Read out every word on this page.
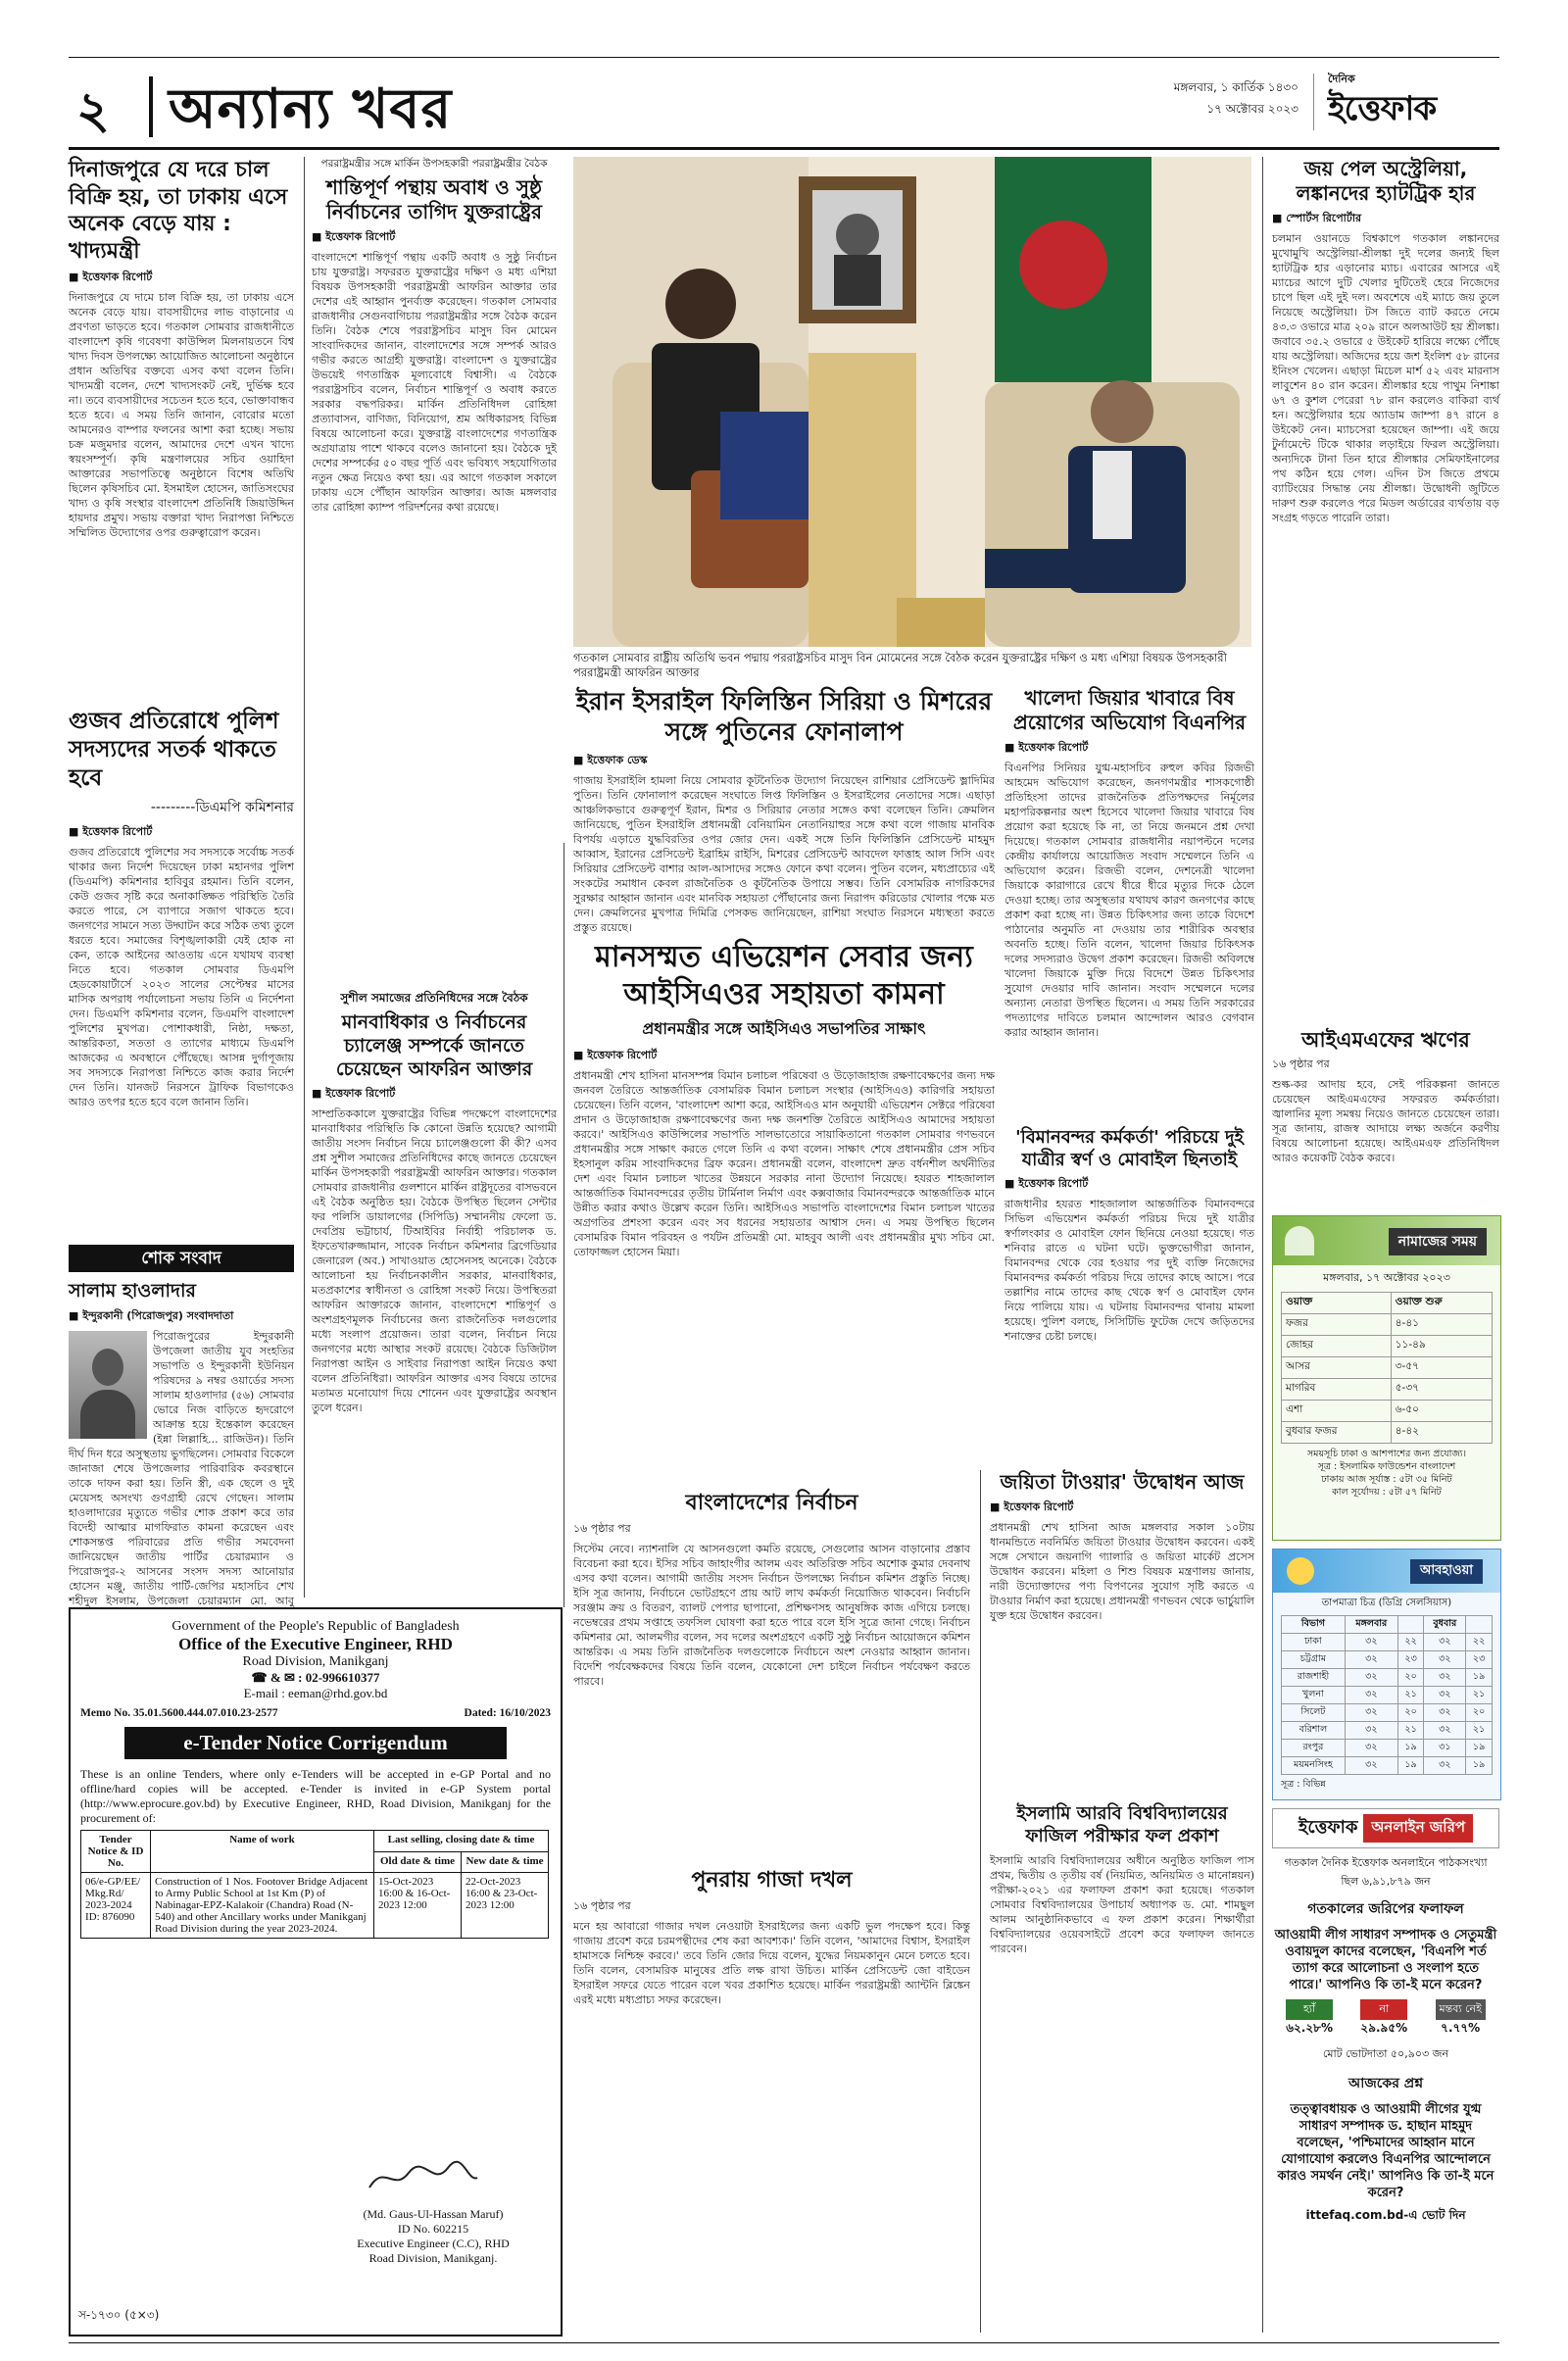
২ অন্যান্য খবর	মঙ্গলবার, ১ কার্তিক ১৪৩০
১৭ অক্টোবর ২০২৩
দৈনিক
ইত্তেফাক
দিনাজপুরে যে দরে চাল বিক্রি হয়, তা ঢাকায় এসে অনেক বেড়ে যায় : খাদ্যমন্ত্রী
■ ইত্তেফাক রিপোর্ট

দিনাজপুরে যে দামে চাল বিক্রি হয়, তা ঢাকায় এসে অনেক বেড়ে যায়। বাবসায়ীদের লাভ বাড়ানোর এ প্রবণতা ভাড়তে হবে। গতকাল সোমবার রাজধানীতে বাংলাদেশ কৃষি গবেষণা কাউন্সিল মিলনায়তনে বিশ্ব খাদ্য দিবস উপলক্ষ্যে আয়োজিত আলোচনা অনুষ্ঠানে প্রধান অতিথির বক্তব্যে এসব কথা বলেন তিনি। খাদ্যমন্ত্রী বলেন, দেশে খাদ্যসংকট নেই, দুর্ভিক্ষ হবে না। তবে ব্যবসায়ীদের সচেতন হতে হবে, ভোক্তাবান্ধব হতে হবে। এ সময় তিনি জানান, বোরোর মতো আমনেরও বাম্পার ফলনের আশা করা হচ্ছে। সভায় চক্র মজুমদার বলেন, আমাদের দেশে এখন খাদ্যে স্বয়ংসম্পূর্ণ। কৃষি মন্ত্রণালয়ের সচিব ওয়াহিদা আক্তারের সভাপতিত্বে অনুষ্ঠানে বিশেষ অতিথি ছিলেন কৃষিসচিব মো. ইসমাইল হোসেন, জাতিসংঘের খাদ্য ও কৃষি সংস্থার বাংলাদেশ প্রতিনিধি জিয়াউদ্দিন হায়দার প্রমুখ। সভায় বক্তারা খাদ্য নিরাপত্তা নিশ্চিতে সম্মিলিত উদ্যোগের ওপর গুরুত্বারোপ করেন।

গুজব প্রতিরোধে পুলিশ সদস্যদের সতর্ক থাকতে হবে
---------ডিএমপি কমিশনার
■ ইত্তেফাক রিপোর্ট

গুজব প্রতিরোধে পুলিশের সব সদস্যকে সর্বোচ্চ সতর্ক থাকার জন্য নির্দেশ দিয়েছেন ঢাকা মহানগর পুলিশ (ডিএমপি) কমিশনার হাবিবুর রহমান। তিনি বলেন, কেউ গুজব সৃষ্টি করে অনাকাঙ্ক্ষিত পরিস্থিতি তৈরি করতে পারে, সে ব্যাপারে সজাগ থাকতে হবে। জনগণের সামনে সত্য উদ্ঘাটন করে সঠিক তথ্য তুলে ধরতে হবে। সমাজের বিশৃঙ্খলাকারী যেই হোক না কেন, তাকে আইনের আওতায় এনে যথাযথ ব্যবস্থা নিতে হবে। গতকাল সোমবার ডিএমপি হেডকোয়ার্টার্সে ২০২৩ সালের সেপ্টেম্বর মাসের মাসিক অপরাধ পর্যালোচনা সভায় তিনি এ নির্দেশনা দেন। ডিএমপি কমিশনার বলেন, ডিএমপি বাংলাদেশ পুলিশের মুখপত্র। পোশাকধারী, নিষ্ঠা, দক্ষতা, আন্তরিকতা, সততা ও ত্যাগের মাধ্যমে ডিএমপি আজকের এ অবস্থানে পৌঁছেছে। আসন্ন দুর্গাপূজায় সব সদস্যকে নিরাপত্তা নিশ্চিতে কাজ করার নির্দেশ দেন তিনি। যানজট নিরসনে ট্রাফিক বিভাগকেও আরও তৎপর হতে হবে বলে জানান তিনি।

শোক সংবাদ
সালাম হাওলাদার
■ ইন্দুরকানী (পিরোজপুর) সংবাদদাতা

পিরোজপুরের ইন্দুরকানী উপজেলা জাতীয় যুব সংহতির সভাপতি ও ইন্দুরকানী ইউনিয়ন পরিষদের ৯ নম্বর ওয়ার্ডের সদস্য সালাম হাওলাদার (৫৬) সোমবার ভোরে নিজ বাড়িতে হৃদরোগে আক্রান্ত হয়ে ইন্তেকাল করেছেন (ইন্না লিল্লাহি... রাজিউন)। তিনি দীর্ঘ দিন ধরে অসুস্থতায় ভুগছিলেন। সোমবার বিকেলে জানাজা শেষে উপজেলার পারিবারিক কবরস্থানে তাকে দাফন করা হয়। তিনি স্ত্রী, এক ছেলে ও দুই মেয়েসহ অসংখ্য গুণগ্রাহী রেখে গেছেন। সালাম হাওলাদারের মৃত্যুতে গভীর শোক প্রকাশ করে তার বিদেহী আত্মার মাগফিরাত কামনা করেছেন এবং শোকসন্তপ্ত পরিবারের প্রতি গভীর সমবেদনা জানিয়েছেন জাতীয় পার্টির চেয়ারম্যান ও পিরোজপুর-২ আসনের সংসদ সদস্য আনোয়ার হোসেন মঞ্জু, জাতীয় পার্টি-জেপির মহাসচিব শেখ শহীদুল ইসলাম, উপজেলা চেয়ারম্যান মো. আবু

পররাষ্ট্রমন্ত্রীর সঙ্গে মার্কিন উপসহকারী পররাষ্ট্রমন্ত্রীর বৈঠক
শান্তিপূর্ণ পন্থায় অবাধ ও সুষ্ঠু নির্বাচনের তাগিদ যুক্তরাষ্ট্রের
■ ইত্তেফাক রিপোর্ট

বাংলাদেশে শান্তিপূর্ণ পন্থায় একটি অবাধ ও সুষ্ঠু নির্বাচন চায় যুক্তরাষ্ট্র। সফররত যুক্তরাষ্ট্রের দক্ষিণ ও মধ্য এশিয়া বিষয়ক উপসহকারী পররাষ্ট্রমন্ত্রী আফরিন আক্তার তার দেশের এই আহ্বান পুনর্ব্যক্ত করেছেন। গতকাল সোমবার রাজধানীর সেগুনবাগিচায় পররাষ্ট্রমন্ত্রীর সঙ্গে বৈঠক করেন তিনি। বৈঠক শেষে পররাষ্ট্রসচিব মাসুদ বিন মোমেন সাংবাদিকদের জানান, বাংলাদেশের সঙ্গে সম্পর্ক আরও গভীর করতে আগ্রহী যুক্তরাষ্ট্র। বাংলাদেশ ও যুক্তরাষ্ট্রের উভয়েই গণতান্ত্রিক মূল্যবোধে বিশ্বাসী। এ বৈঠকে পররাষ্ট্রসচিব বলেন, নির্বাচন শান্তিপূর্ণ ও অবাধ করতে সরকার বদ্ধপরিকর। মার্কিন প্রতিনিধিদল রোহিঙ্গা প্রত্যাবাসন, বাণিজ্য, বিনিয়োগ, শ্রম অধিকারসহ বিভিন্ন বিষয়ে আলোচনা করে। যুক্তরাষ্ট্র বাংলাদেশের গণতান্ত্রিক অগ্রযাত্রায় পাশে থাকবে বলেও জানানো হয়। বৈঠকে দুই দেশের সম্পর্কের ৫০ বছর পূর্তি এবং ভবিষ্যৎ সহযোগিতার নতুন ক্ষেত্র নিয়েও কথা হয়। এর আগে গতকাল সকালে ঢাকায় এসে পৌঁছান আফরিন আক্তার। আজ মঙ্গলবার তার রোহিঙ্গা ক্যাম্প পরিদর্শনের কথা রয়েছে।

সুশীল সমাজের প্রতিনিধিদের সঙ্গে বৈঠক
মানবাধিকার ও নির্বাচনের চ্যালেঞ্জ সম্পর্কে জানতে চেয়েছেন আফরিন আক্তার
■ ইত্তেফাক রিপোর্ট

সাম্প্রতিককালে যুক্তরাষ্ট্রের বিভিন্ন পদক্ষেপে বাংলাদেশের মানবাধিকার পরিস্থিতি কি কোনো উন্নতি হয়েছে? আগামী জাতীয় সংসদ নির্বাচন নিয়ে চ্যালেঞ্জগুলো কী কী? এসব প্রশ্ন সুশীল সমাজের প্রতিনিধিদের কাছে জানতে চেয়েছেন মার্কিন উপসহকারী পররাষ্ট্রমন্ত্রী আফরিন আক্তার। গতকাল সোমবার রাজধানীর গুলশানে মার্কিন রাষ্ট্রদূতের বাসভবনে এই বৈঠক অনুষ্ঠিত হয়। বৈঠকে উপস্থিত ছিলেন সেন্টার ফর পলিসি ডায়ালগের (সিপিডি) সম্মাননীয় ফেলো ড. দেবপ্রিয় ভট্টাচার্য, টিআইবির নির্বাহী পরিচালক ড. ইফতেখারুজ্জামান, সাবেক নির্বাচন কমিশনার ব্রিগেডিয়ার জেনারেল (অব.) সাখাওয়াত হোসেনসহ অনেকে। বৈঠকে আলোচনা হয় নির্বাচনকালীন সরকার, মানবাধিকার, মতপ্রকাশের স্বাধীনতা ও রোহিঙ্গা সংকট নিয়ে। উপস্থিতরা আফরিন আক্তারকে জানান, বাংলাদেশে শান্তিপূর্ণ ও অংশগ্রহণমূলক নির্বাচনের জন্য রাজনৈতিক দলগুলোর মধ্যে সংলাপ প্রয়োজন। তারা বলেন, নির্বাচন নিয়ে জনগণের মধ্যে আস্থার সংকট রয়েছে। বৈঠকে ডিজিটাল নিরাপত্তা আইন ও সাইবার নিরাপত্তা আইন নিয়েও কথা বলেন প্রতিনিধিরা। আফরিন আক্তার এসব বিষয়ে তাদের মতামত মনোযোগ দিয়ে শোনেন এবং যুক্তরাষ্ট্রের অবস্থান তুলে ধরেন।

গতকাল সোমবার রাষ্ট্রীয় অতিথি ভবন পদ্মায় পররাষ্ট্রসচিব মাসুদ বিন মোমেনের সঙ্গে বৈঠক করেন যুক্তরাষ্ট্রের দক্ষিণ ও মধ্য এশিয়া বিষয়ক উপসহকারী পররাষ্ট্রমন্ত্রী আফরিন আক্তার
ইরান ইসরাইল ফিলিস্তিন সিরিয়া ও মিশরের সঙ্গে পুতিনের ফোনালাপ
■ ইত্তেফাক ডেস্ক

গাজায় ইসরাইলি হামলা নিয়ে সোমবার কূটনৈতিক উদ্যোগ নিয়েছেন রাশিয়ার প্রেসিডেন্ট ভ্লাদিমির পুতিন। তিনি ফোনালাপ করেছেন সংঘাতে লিপ্ত ফিলিস্তিন ও ইসরাইলের নেতাদের সঙ্গে। এছাড়া আঞ্চলিকভাবে গুরুত্বপূর্ণ ইরান, মিশর ও সিরিয়ার নেতার সঙ্গেও কথা বলেছেন তিনি। ক্রেমলিন জানিয়েছে, পুতিন ইসরাইলি প্রধানমন্ত্রী বেনিয়ামিন নেতানিয়াহুর সঙ্গে কথা বলে গাজায় মানবিক বিপর্যয় এড়াতে যুদ্ধবিরতির ওপর জোর দেন। একই সঙ্গে তিনি ফিলিস্তিনি প্রেসিডেন্ট মাহমুদ আব্বাস, ইরানের প্রেসিডেন্ট ইব্রাহিম রাইসি, মিশরের প্রেসিডেন্ট আবদেল ফাত্তাহ আল সিসি এবং সিরিয়ার প্রেসিডেন্ট বাশার আল-আসাদের সঙ্গেও ফোনে কথা বলেন। পুতিন বলেন, মধ্যপ্রাচ্যের এই সংকটের সমাধান কেবল রাজনৈতিক ও কূটনৈতিক উপায়ে সম্ভব। তিনি বেসামরিক নাগরিকদের সুরক্ষার আহ্বান জানান এবং মানবিক সহায়তা পৌঁছানোর জন্য নিরাপদ করিডোর খোলার পক্ষে মত দেন। ক্রেমলিনের মুখপাত্র দিমিত্রি পেসকভ জানিয়েছেন, রাশিয়া সংঘাত নিরসনে মধ্যস্থতা করতে প্রস্তুত রয়েছে।

খালেদা জিয়ার খাবারে বিষ প্রয়োগের অভিযোগ বিএনপির
■ ইত্তেফাক রিপোর্ট

বিএনপির সিনিয়র যুগ্ম-মহাসচিব রুহুল কবির রিজভী আহমেদ অভিযোগ করেছেন, জনগণমন্ত্রীর শাসকগোষ্ঠী প্রতিহিংসা তাদের রাজনৈতিক প্রতিপক্ষদের নির্মূলের মহাপরিকল্পনার অংশ হিসেবে খালেদা জিয়ার খাবারে বিষ প্রয়োগ করা হয়েছে কি না, তা নিয়ে জনমনে প্রশ্ন দেখা দিয়েছে। গতকাল সোমবার রাজধানীর নয়াপল্টনে দলের কেন্দ্রীয় কার্যালয়ে আয়োজিত সংবাদ সম্মেলনে তিনি এ অভিযোগ করেন। রিজভী বলেন, দেশনেত্রী খালেদা জিয়াকে কারাগারে রেখে ধীরে ধীরে মৃত্যুর দিকে ঠেলে দেওয়া হচ্ছে। তার অসুস্থতার যথাযথ কারণ জনগণের কাছে প্রকাশ করা হচ্ছে না। উন্নত চিকিৎসার জন্য তাকে বিদেশে পাঠানোর অনুমতি না দেওয়ায় তার শারীরিক অবস্থার অবনতি হচ্ছে। তিনি বলেন, খালেদা জিয়ার চিকিৎসক দলের সদস্যরাও উদ্বেগ প্রকাশ করেছেন। রিজভী অবিলম্বে খালেদা জিয়াকে মুক্তি দিয়ে বিদেশে উন্নত চিকিৎসার সুযোগ দেওয়ার দাবি জানান। সংবাদ সম্মেলনে দলের অন্যান্য নেতারা উপস্থিত ছিলেন। এ সময় তিনি সরকারের পদত্যাগের দাবিতে চলমান আন্দোলন আরও বেগবান করার আহ্বান জানান।

মানসম্মত এভিয়েশন সেবার জন্য
আইসিএওর সহায়তা কামনা
প্রধানমন্ত্রীর সঙ্গে আইসিএও সভাপতির সাক্ষাৎ
■ ইত্তেফাক রিপোর্ট

প্রধানমন্ত্রী শেখ হাসিনা মানসম্পন্ন বিমান চলাচল পরিষেবা ও উড়োজাহাজ রক্ষণাবেক্ষণের জন্য দক্ষ জনবল তৈরিতে আন্তর্জাতিক বেসামরিক বিমান চলাচল সংস্থার (আইসিএও) কারিগরি সহায়তা চেয়েছেন। তিনি বলেন, 'বাংলাদেশ আশা করে, আইসিএও মান অনুযায়ী এভিয়েশন সেক্টরে পরিষেবা প্রদান ও উড়োজাহাজ রক্ষণাবেক্ষণের জন্য দক্ষ জনশক্তি তৈরিতে আইসিএও আমাদের সহায়তা করবে।' আইসিএও কাউন্সিলের সভাপতি সালভাতোরে সায়াকিতানো গতকাল সোমবার গণভবনে প্রধানমন্ত্রীর সঙ্গে সাক্ষাৎ করতে গেলে তিনি এ কথা বলেন। সাক্ষাৎ শেষে প্রধানমন্ত্রীর প্রেস সচিব ইহসানুল করিম সাংবাদিকদের ব্রিফ করেন। প্রধানমন্ত্রী বলেন, বাংলাদেশ দ্রুত বর্ধনশীল অর্থনীতির দেশ এবং বিমান চলাচল খাতের উন্নয়নে সরকার নানা উদ্যোগ নিয়েছে। হযরত শাহজালাল আন্তর্জাতিক বিমানবন্দরের তৃতীয় টার্মিনাল নির্মাণ এবং কক্সবাজার বিমানবন্দরকে আন্তর্জাতিক মানে উন্নীত করার কথাও উল্লেখ করেন তিনি। আইসিএও সভাপতি বাংলাদেশের বিমান চলাচল খাতের অগ্রগতির প্রশংসা করেন এবং সব ধরনের সহায়তার আশ্বাস দেন। এ সময় উপস্থিত ছিলেন বেসামরিক বিমান পরিবহন ও পর্যটন প্রতিমন্ত্রী মো. মাহবুব আলী এবং প্রধানমন্ত্রীর মুখ্য সচিব মো. তোফাজ্জল হোসেন মিয়া।

'বিমানবন্দর কর্মকর্তা' পরিচয়ে দুই যাত্রীর স্বর্ণ ও মোবাইল ছিনতাই
■ ইত্তেফাক রিপোর্ট

রাজধানীর হযরত শাহজালাল আন্তর্জাতিক বিমানবন্দরে সিভিল এভিয়েশন কর্মকর্তা পরিচয় দিয়ে দুই যাত্রীর স্বর্ণালংকার ও মোবাইল ফোন ছিনিয়ে নেওয়া হয়েছে। গত শনিবার রাতে এ ঘটনা ঘটে। ভুক্তভোগীরা জানান, বিমানবন্দর থেকে বের হওয়ার পর দুই ব্যক্তি নিজেদের বিমানবন্দর কর্মকর্তা পরিচয় দিয়ে তাদের কাছে আসে। পরে তল্লাশির নামে তাদের কাছ থেকে স্বর্ণ ও মোবাইল ফোন নিয়ে পালিয়ে যায়। এ ঘটনায় বিমানবন্দর থানায় মামলা হয়েছে। পুলিশ বলছে, সিসিটিভি ফুটেজ দেখে জড়িতদের শনাক্তের চেষ্টা চলছে।

বাংলাদেশের নির্বাচন
১৬ পৃষ্ঠার পর

সিস্টেম নেবে। ন্যাশনালি যে আসনগুলো কমতি রয়েছে, সেগুলোর আসন বাড়ানোর প্রস্তাব বিবেচনা করা হবে। ইসির সচিব জাহাংগীর আলম এবং অতিরিক্ত সচিব অশোক কুমার দেবনাথ এসব কথা বলেন। আগামী জাতীয় সংসদ নির্বাচন উপলক্ষ্যে নির্বাচন কমিশন প্রস্তুতি নিচ্ছে। ইসি সূত্র জানায়, নির্বাচনে ভোটগ্রহণে প্রায় আট লাখ কর্মকর্তা নিয়োজিত থাকবেন। নির্বাচনি সরঞ্জাম ক্রয় ও বিতরণ, ব্যালট পেপার ছাপানো, প্রশিক্ষণসহ আনুষঙ্গিক কাজ এগিয়ে চলছে। নভেম্বরের প্রথম সপ্তাহে তফসিল ঘোষণা করা হতে পারে বলে ইসি সূত্রে জানা গেছে। নির্বাচন কমিশনার মো. আলমগীর বলেন, সব দলের অংশগ্রহণে একটি সুষ্ঠু নির্বাচন আয়োজনে কমিশন আন্তরিক। এ সময় তিনি রাজনৈতিক দলগুলোকে নির্বাচনে অংশ নেওয়ার আহ্বান জানান। বিদেশি পর্যবেক্ষকদের বিষয়ে তিনি বলেন, যেকোনো দেশ চাইলে নির্বাচন পর্যবেক্ষণ করতে পারবে।

পুনরায় গাজা দখল
১৬ পৃষ্ঠার পর

মনে হয় আবারো গাজার দখল নেওয়াটা ইসরাইলের জন্য একটি ভুল পদক্ষেপ হবে। কিন্তু গাজায় প্রবেশ করে চরমপন্থীদের শেষ করা আবশ্যক।' তিনি বলেন, 'আমাদের বিশ্বাস, ইসরাইল হামাসকে নিশ্চিহ্ন করবে।' তবে তিনি জোর দিয়ে বলেন, যুদ্ধের নিয়মকানুন মেনে চলতে হবে। তিনি বলেন, বেসামরিক মানুষের প্রতি লক্ষ রাখা উচিত। মার্কিন প্রেসিডেন্ট জো বাইডেন ইসরাইল সফরে যেতে পারেন বলে খবর প্রকাশিত হয়েছে। মার্কিন পররাষ্ট্রমন্ত্রী অ্যান্টনি ব্লিঙ্কেন এরই মধ্যে মধ্যপ্রাচ্য সফর করেছেন।

জয়িতা টাওয়ার' উদ্বোধন আজ
■ ইত্তেফাক রিপোর্ট

প্রধানমন্ত্রী শেখ হাসিনা আজ মঙ্গলবার সকাল ১০টায় ধানমন্ডিতে নবনির্মিত জয়িতা টাওয়ার উদ্বোধন করবেন। একই সঙ্গে সেখানে জয়নাগি গ্যালারি ও জয়িতা মার্কেট প্রসেস উদ্বোধন করবেন। মহিলা ও শিশু বিষয়ক মন্ত্রণালয় জানায়, নারী উদ্যোক্তাদের পণ্য বিপণনের সুযোগ সৃষ্টি করতে এ টাওয়ার নির্মাণ করা হয়েছে। প্রধানমন্ত্রী গণভবন থেকে ভার্চুয়ালি যুক্ত হয়ে উদ্বোধন করবেন।

ইসলামি আরবি বিশ্ববিদ্যালয়ের ফাজিল পরীক্ষার ফল প্রকাশ

ইসলামি আরবি বিশ্ববিদ্যালয়ের অধীনে অনুষ্ঠিত ফাজিল পাস প্রথম, দ্বিতীয় ও তৃতীয় বর্ষ (নিয়মিত, অনিয়মিত ও মানোন্নয়ন) পরীক্ষা-২০২১ এর ফলাফল প্রকাশ করা হয়েছে। গতকাল সোমবার বিশ্ববিদ্যালয়ের উপাচার্য অধ্যাপক ড. মো. শামছুল আলম আনুষ্ঠানিকভাবে এ ফল প্রকাশ করেন। শিক্ষার্থীরা বিশ্ববিদ্যালয়ের ওয়েবসাইটে প্রবেশ করে ফলাফল জানতে পারবেন।

Government of the People's Republic of Bangladesh
Office of the Executive Engineer, RHD
Road Division, Manikganj
☎ & ✉ : 02-996610377
E-mail : eeman@rhd.gov.bd
Memo No. 35.01.5600.444.07.010.23-2577	Dated: 16/10/2023
e-Tender Notice Corrigendum

These is an online Tenders, where only e-Tenders will be accepted in e-GP Portal and no offline/hard copies will be accepted. e-Tender is invited in e-GP System portal (http://www.eprocure.gov.bd) by Executive Engineer, RHD, Road Division, Manikganj for the procurement of:

Tender Notice & ID No.	Name of work	Last selling, closing date & time	
		Old date & time	New date & time
06/e-GP/EE/ Mkg.Rd/ 2023-2024 ID: 876090	Construction of 1 Nos. Footover Bridge Adjacent to Army Public School at 1st Km (P) of Nabinagar-EPZ-Kalakoir (Chandra) Road (N-540) and other Ancillary works under Manikganj Road Division during the year 2023-2024.	15-Oct-2023 16:00 & 16-Oct-2023 12:00	22-Oct-2023 16:00 & 23-Oct-2023 12:00
(Md. Gaus-Ul-Hassan Maruf)
ID No. 602215
Executive Engineer (C.C), RHD
Road Division, Manikganj.
স-১৭৩০ (৫×৩)
জয় পেল অস্ট্রেলিয়া, লঙ্কানদের হ্যাটট্রিক হার
■ স্পোর্টস রিপোর্টার

চলমান ওয়ানডে বিশ্বকাপে গতকাল লঙ্কানদের মুখোমুখি অস্ট্রেলিয়া-শ্রীলঙ্কা দুই দলের জন্যই ছিল হ্যাটট্রিক হার এড়ানোর ম্যাচ। এবারের আসরে এই ম্যাচের আগে দুটি খেলার দুটিতেই হেরে নিজেদের চাপে ছিল এই দুই দল। অবশেষে এই ম্যাচে জয় তুলে নিয়েছে অস্ট্রেলিয়া। টস জিতে ব্যাট করতে নেমে ৪৩.৩ ওভারে মাত্র ২০৯ রানে অলআউট হয় শ্রীলঙ্কা। জবাবে ৩৫.২ ওভারে ৫ উইকেট হারিয়ে লক্ষ্যে পৌঁছে যায় অস্ট্রেলিয়া। অজিদের হয়ে জশ ইংলিশ ৫৮ রানের ইনিংস খেলেন। এছাড়া মিচেল মার্শ ৫২ এবং মারনাস লাবুশেন ৪০ রান করেন। শ্রীলঙ্কার হয়ে পাথুম নিশাঙ্কা ৬৭ ও কুশল পেরেরা ৭৮ রান করলেও বাকিরা ব্যর্থ হন। অস্ট্রেলিয়ার হয়ে অ্যাডাম জাম্পা ৪৭ রানে ৪ উইকেট নেন। ম্যাচসেরা হয়েছেন জাম্পা। এই জয়ে টুর্নামেন্টে টিকে থাকার লড়াইয়ে ফিরল অস্ট্রেলিয়া। অন্যদিকে টানা তিন হারে শ্রীলঙ্কার সেমিফাইনালের পথ কঠিন হয়ে গেল। এদিন টস জিতে প্রথমে ব্যাটিংয়ের সিদ্ধান্ত নেয় শ্রীলঙ্কা। উদ্বোধনী জুটিতে দারুণ শুরু করলেও পরে মিডল অর্ডারের ব্যর্থতায় বড় সংগ্রহ গড়তে পারেনি তারা।

আইএমএফের ঋণের
১৬ পৃষ্ঠার পর

শুল্ক-কর আদায় হবে, সেই পরিকল্পনা জানতে চেয়েছেন আইএমএফের সফররত কর্মকর্তারা। জ্বালানির মূল্য সমন্বয় নিয়েও জানতে চেয়েছেন তারা। সূত্র জানায়, রাজস্ব আদায়ে লক্ষ্য অর্জনে করণীয় বিষয়ে আলোচনা হয়েছে। আইএমএফ প্রতিনিধিদল আরও কয়েকটি বৈঠক করবে।

নামাজের সময়
মঙ্গলবার, ১৭ অক্টোবর ২০২৩
ওয়াক্ত	ওয়াক্ত শুরু
ফজর	৪-৪১
জোহর	১১-৪৯
আসর	৩-৫৭
মাগরিব	৫-৩৭
এশা	৬-৫০
বুধবার ফজর	৪-৪২
সময়সূচি ঢাকা ও আশপাশের জন্য প্রযোজ্য।
সূত্র : ইসলামিক ফাউন্ডেশন বাংলাদেশ
ঢাকায় আজ সূর্যাস্ত : ৫টা ৩৫ মিনিট
কাল সূর্যোদয় : ৫টা ৫৭ মিনিট
আবহাওয়া
তাপমাত্রা চিত্র (ডিগ্রি সেলসিয়াস)
বিভাগ	মঙ্গলবার		বুধবার	
ঢাকা	৩২	২২	৩২	২২
চট্টগ্রাম	৩২	২৩	৩২	২৩
রাজশাহী	৩২	২০	৩২	১৯
খুলনা	৩২	২১	৩২	২১
সিলেট	৩২	২০	৩২	২০
বরিশাল	৩২	২১	৩২	২১
রংপুর	৩২	১৯	৩১	১৯
ময়মনসিংহ	৩২	১৯	৩২	১৯
সূত্র : বিভিন্ন
ইত্তেফাক অনলাইন জরিপ
গতকাল দৈনিক ইত্তেফাক অনলাইনে পাঠকসংখ্যা ছিল ৬,৯১,৮৭৯ জন
গতকালের জরিপের ফলাফল
আওয়ামী লীগ সাধারণ সম্পাদক ও সেতুমন্ত্রী ওবায়দুল কাদের বলেছেন, 'বিএনপি শর্ত ত্যাগ করে আলোচনা ও সংলাপ হতে পারে।' আপনিও কি তা-ই মনে করেন?
হ্যাঁ
৬২.২৮%
না
২৯.৯৫%
মন্তব্য নেই
৭.৭৭%
মোট ভোটদাতা ৫০,৯০৩ জন
আজকের প্রশ্ন
তত্ত্বাবধায়ক ও আওয়ামী লীগের যুগ্ম সাধারণ সম্পাদক ড. হাছান মাহমুদ বলেছেন, 'পশ্চিমাদের আহ্বান মানে যোগাযোগ করলেও বিএনপির আন্দোলনে কারও সমর্থন নেই।' আপনিও কি তা-ই মনে করেন?
ittefaq.com.bd-এ ভোট দিন
